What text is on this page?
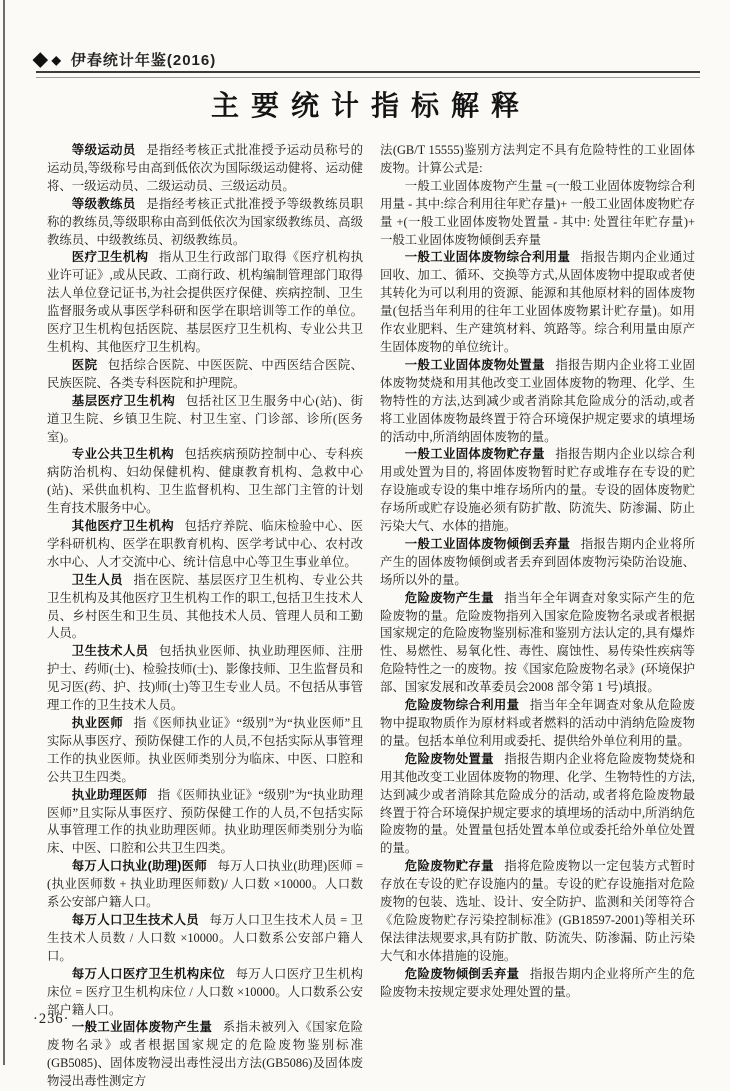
◆ ◆ 伊春统计年鉴(2016)
主要统计指标解释

等级运动员 是指经考核正式批准授予运动员称号的运动员,等级称号由高到低依次为国际级运动健将、运动健将、一级运动员、二级运动员、三级运动员。

等级教练员 是指经考核正式批准授予等级教练员职称的教练员,等级职称由高到低依次为国家级教练员、高级教练员、中级教练员、初级教练员。

医疗卫生机构 指从卫生行政部门取得《医疗机构执业许可证》,或从民政、工商行政、机构编制管理部门取得法人单位登记证书,为社会提供医疗保健、疾病控制、卫生监督服务或从事医学科研和医学在职培训等工作的单位。医疗卫生机构包括医院、基层医疗卫生机构、专业公共卫生机构、其他医疗卫生机构。

医院 包括综合医院、中医医院、中西医结合医院、民族医院、各类专科医院和护理院。

基层医疗卫生机构 包括社区卫生服务中心(站)、街道卫生院、乡镇卫生院、村卫生室、门诊部、诊所(医务室)。

专业公共卫生机构 包括疾病预防控制中心、专科疾病防治机构、妇幼保健机构、健康教育机构、急救中心(站)、采供血机构、卫生监督机构、卫生部门主管的计划生育技术服务中心。

其他医疗卫生机构 包括疗养院、临床检验中心、医学科研机构、医学在职教育机构、医学考试中心、农村改水中心、人才交流中心、统计信息中心等卫生事业单位。

卫生人员 指在医院、基层医疗卫生机构、专业公共卫生机构及其他医疗卫生机构工作的职工,包括卫生技术人员、乡村医生和卫生员、其他技术人员、管理人员和工勤人员。

卫生技术人员 包括执业医师、执业助理医师、注册护士、药师(士)、检验技师(士)、影像技师、卫生监督员和见习医(药、护、技)师(士)等卫生专业人员。不包括从事管理工作的卫生技术人员。

执业医师 指《医师执业证》“级别”为“执业医师”且实际从事医疗、预防保健工作的人员,不包括实际从事管理工作的执业医师。执业医师类别分为临床、中医、口腔和公共卫生四类。

执业助理医师 指《医师执业证》“级别”为“执业助理医师”且实际从事医疗、预防保健工作的人员,不包括实际从事管理工作的执业助理医师。执业助理医师类别分为临床、中医、口腔和公共卫生四类。

每万人口执业(助理)医师 每万人口执业(助理)医师 =(执业医师数 + 执业助理医师数)/ 人口数 ×10000。人口数系公安部户籍人口。

每万人口卫生技术人员 每万人口卫生技术人员 = 卫生技术人员数 / 人口数 ×10000。人口数系公安部户籍人口。

每万人口医疗卫生机构床位 每万人口医疗卫生机构床位 = 医疗卫生机构床位 / 人口数 ×10000。人口数系公安部户籍人口。

一般工业固体废物产生量 系指未被列入《国家危险废物名录》或者根据国家规定的危险废物鉴别标准(GB5085)、固体废物浸出毒性浸出方法(GB5086)及固体废物浸出毒性测定方

法(GB/T 15555)鉴别方法判定不具有危险特性的工业固体废物。计算公式是:

一般工业固体废物产生量 =(一般工业固体废物综合利用量 - 其中:综合利用往年贮存量)+ 一般工业固体废物贮存量 +(一般工业固体废物处置量 - 其中: 处置往年贮存量)+ 一般工业固体废物倾倒丢弃量

一般工业固体废物综合利用量 指报告期内企业通过回收、加工、循环、交换等方式,从固体废物中提取或者使其转化为可以利用的资源、能源和其他原材料的固体废物量(包括当年利用的往年工业固体废物累计贮存量)。如用作农业肥料、生产建筑材料、筑路等。综合利用量由原产生固体废物的单位统计。

一般工业固体废物处置量 指报告期内企业将工业固体废物焚烧和用其他改变工业固体废物的物理、化学、生物特性的方法,达到减少或者消除其危险成分的活动,或者将工业固体废物最终置于符合环境保护规定要求的填埋场的活动中,所消纳固体废物的量。

一般工业固体废物贮存量 指报告期内企业以综合利用或处置为目的, 将固体废物暂时贮存或堆存在专设的贮存设施或专设的集中堆存场所内的量。专设的固体废物贮存场所或贮存设施必须有防扩散、防流失、防渗漏、防止污染大气、水体的措施。

一般工业固体废物倾倒丢弃量 指报告期内企业将所产生的固体废物倾倒或者丢弃到固体废物污染防治设施、场所以外的量。

危险废物产生量 指当年全年调查对象实际产生的危险废物的量。危险废物指列入国家危险废物名录或者根据国家规定的危险废物鉴别标准和鉴别方法认定的,具有爆炸性、易燃性、易氧化性、毒性、腐蚀性、易传染性疾病等危险特性之一的废物。按《国家危险废物名录》(环境保护部、国家发展和改革委员会2008 部令第 1 号)填报。

危险废物综合利用量 指当年全年调查对象从危险废物中提取物质作为原材料或者燃料的活动中消纳危险废物的量。包括本单位利用或委托、提供给外单位利用的量。

危险废物处置量 指报告期内企业将危险废物焚烧和用其他改变工业固体废物的物理、化学、生物特性的方法,达到减少或者消除其危险成分的活动, 或者将危险废物最终置于符合环境保护规定要求的填埋场的活动中,所消纳危险废物的量。处置量包括处置本单位或委托给外单位处置的量。

危险废物贮存量 指将危险废物以一定包装方式暂时存放在专设的贮存设施内的量。专设的贮存设施指对危险废物的包装、选址、设计、安全防护、监测和关闭等符合《危险废物贮存污染控制标准》(GB18597-2001)等相关环保法律法规要求,具有防扩散、防流失、防渗漏、防止污染大气和水体措施的设施。

危险废物倾倒丢弃量 指报告期内企业将所产生的危险废物未按规定要求处理处置的量。

·236·
